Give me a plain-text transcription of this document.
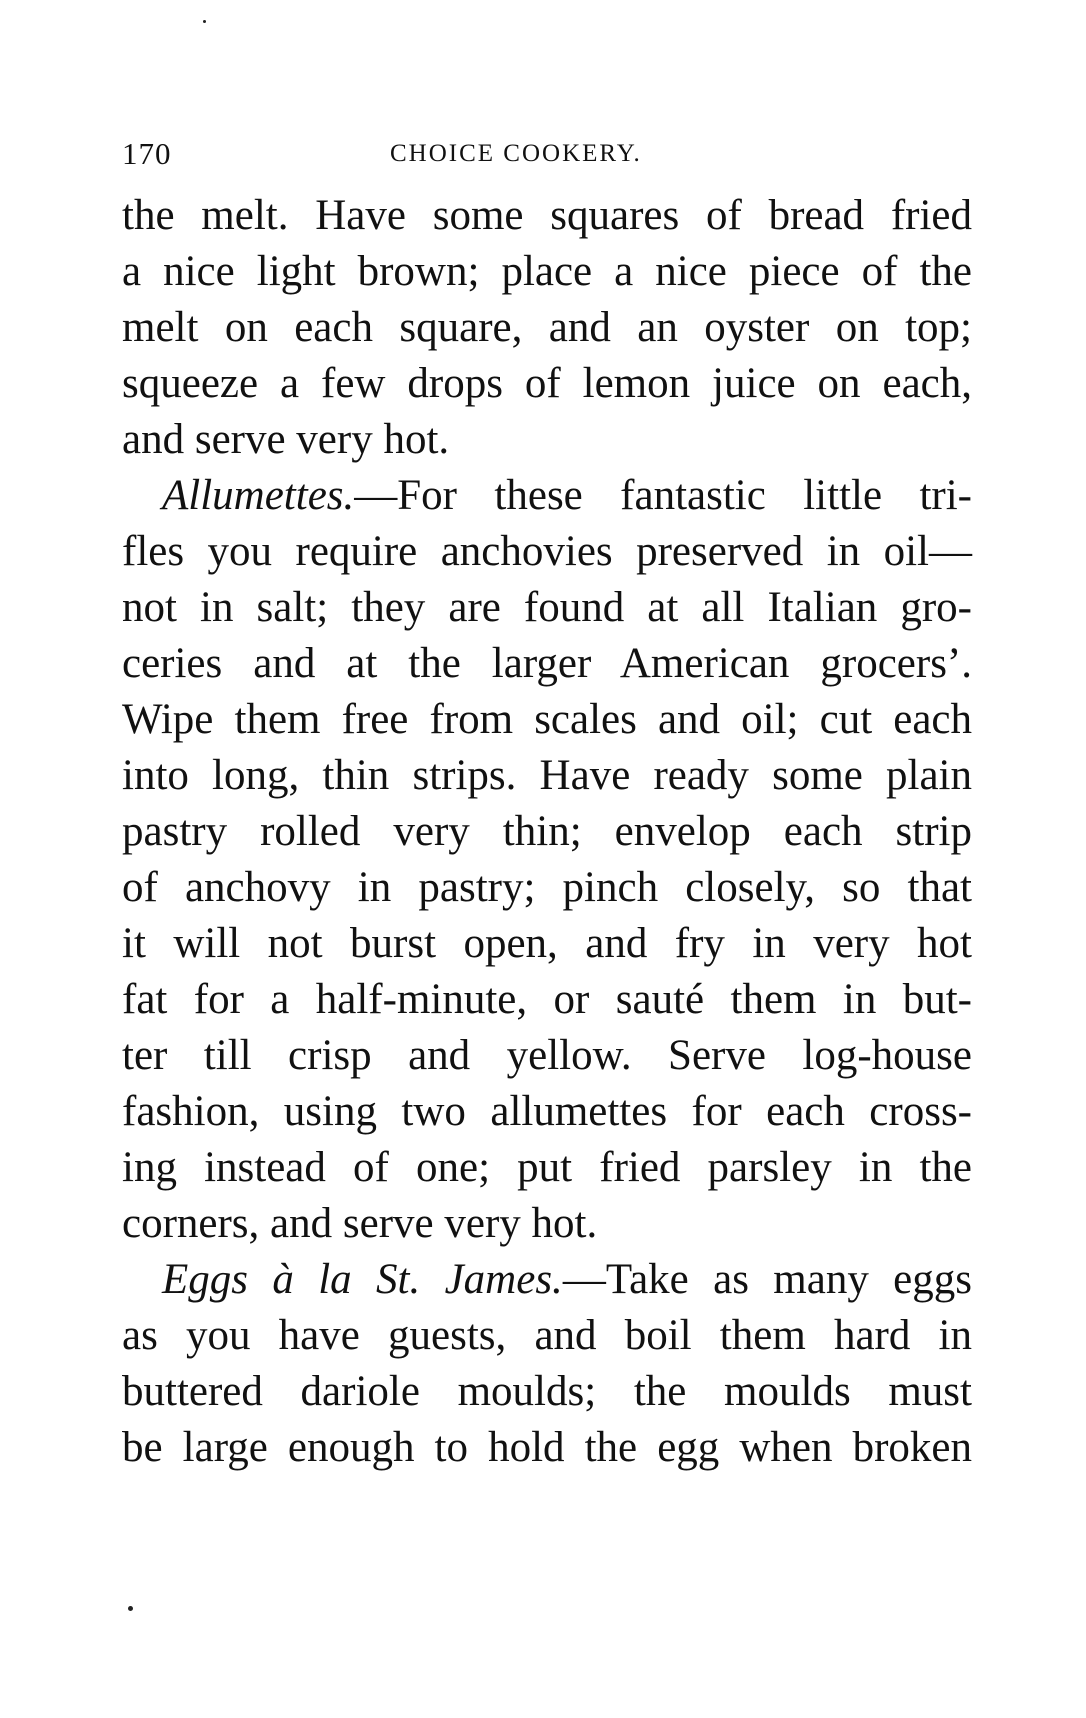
170	CHOICE COOKERY.
the melt. Have some squares of bread fried
a nice light brown; place a nice piece of the
melt on each square, and an oyster on top;
squeeze a few drops of lemon juice on each,
and serve very hot.
Allumettes.—For these fantastic little tri-
fles you require anchovies preserved in oil—
not in salt; they are found at all Italian gro-
ceries and at the larger American grocers’.
Wipe them free from scales and oil; cut each
into long, thin strips. Have ready some plain
pastry rolled very thin; envelop each strip
of anchovy in pastry; pinch closely, so that
it will not burst open, and fry in very hot
fat for a half-minute, or sauté them in but-
ter till crisp and yellow. Serve log-house
fashion, using two allumettes for each cross-
ing instead of one; put fried parsley in the
corners, and serve very hot.
Eggs à la St. James.—Take as many eggs
as you have guests, and boil them hard in
buttered dariole moulds; the moulds must
be large enough to hold the egg when broken
